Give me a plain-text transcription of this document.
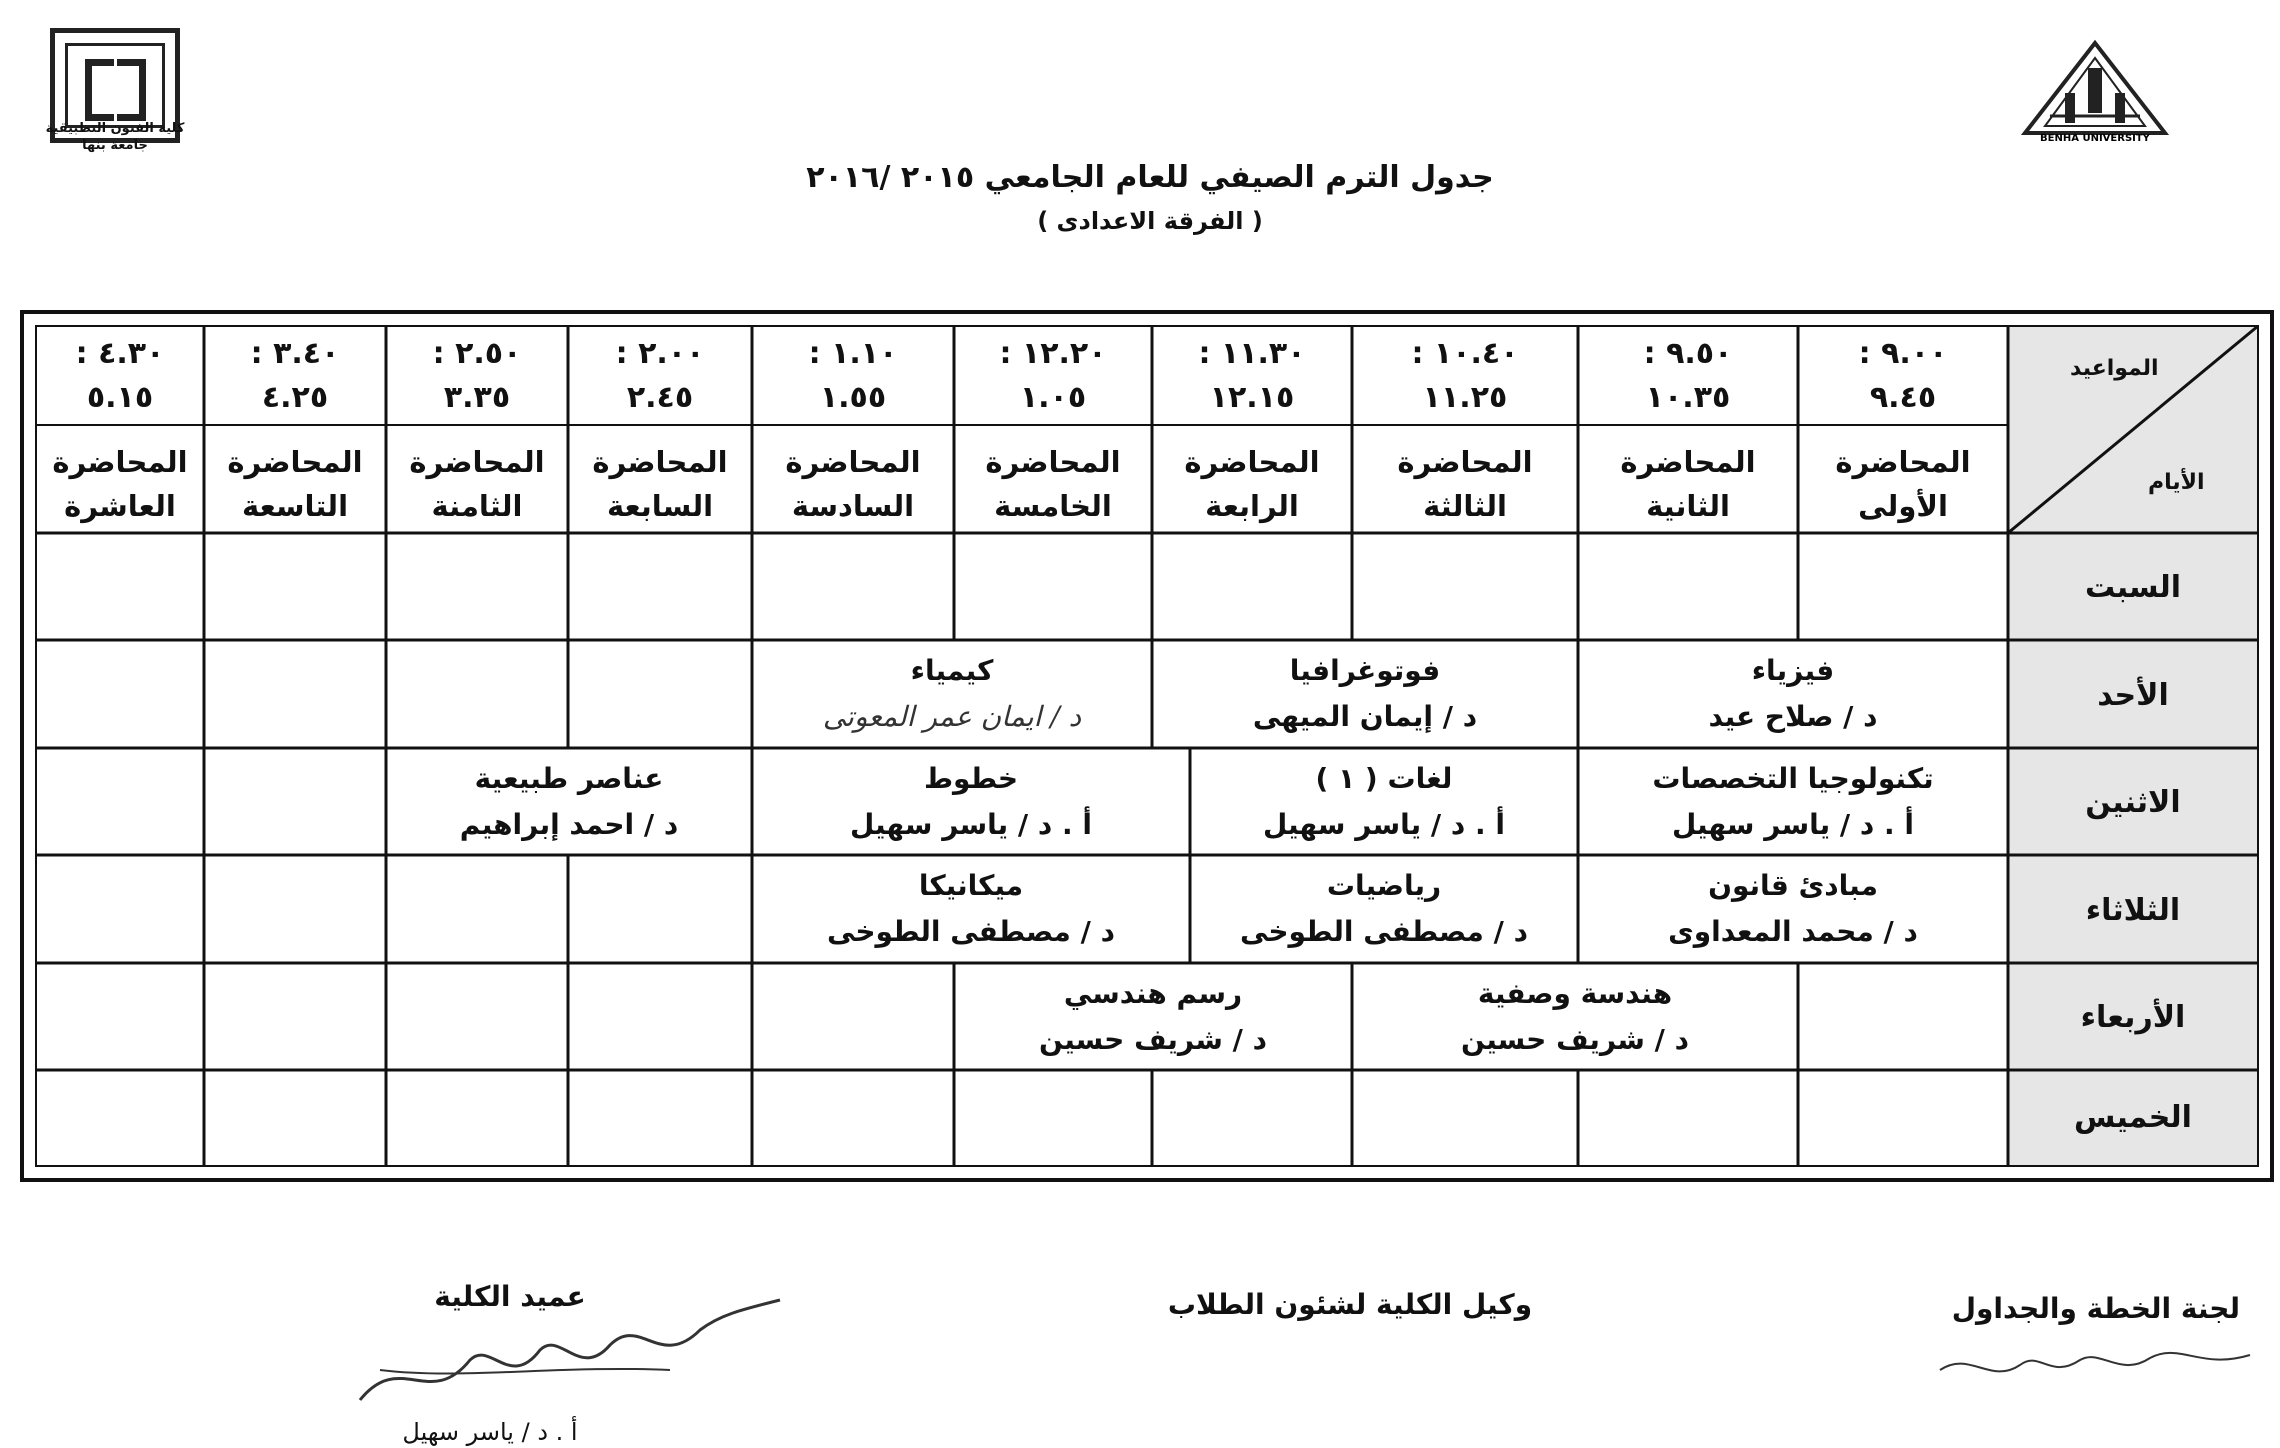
كلية الفنون التطبيقية
جامعة بنها	BENHA UNIVERSITY
جدول الترم الصيفي للعام الجامعي ٢٠١٥ /٢٠١٦
( الفرقة الاعدادى )
المواعيد
الأيام
٩.٠٠ :
٩.٤٥
المحاضرة
الأولى
٩.٥٠ :
١٠.٣٥
المحاضرة
الثانية
١٠.٤٠ :
١١.٢٥
المحاضرة
الثالثة
١١.٣٠ :
١٢.١٥
المحاضرة
الرابعة
١٢.٢٠ :
١.٠٥
المحاضرة
الخامسة
١.١٠ :
١.٥٥
المحاضرة
السادسة
٢.٠٠ :
٢.٤٥
المحاضرة
السابعة
٢.٥٠ :
٣.٣٥
المحاضرة
الثامنة
٣.٤٠ :
٤.٢٥
المحاضرة
التاسعة
٤.٣٠ :
٥.١٥
المحاضرة
العاشرة
السبت
الأحد
الاثنين
الثلاثاء
الأربعاء
الخميس
فيزياء
د / صلاح عيد
فوتوغرافيا
د / إيمان الميهى
كيمياء
د / ايمان عمر المعوتى
تكنولوجيا التخصصات
أ . د / ياسر سهيل
لغات ( ١ )
أ . د / ياسر سهيل
خطوط
أ . د / ياسر سهيل
عناصر طبيعية
د / احمد إبراهيم
مبادئ قانون
د / محمد المعداوى
رياضيات
د / مصطفى الطوخى
ميكانيكا
د / مصطفى الطوخى
هندسة وصفية
د / شريف حسين
رسم هندسي
د / شريف حسين
لجنة الخطة والجداول
وكيل الكلية لشئون الطلاب
عميد الكلية
أ . د / ياسر سهيل
